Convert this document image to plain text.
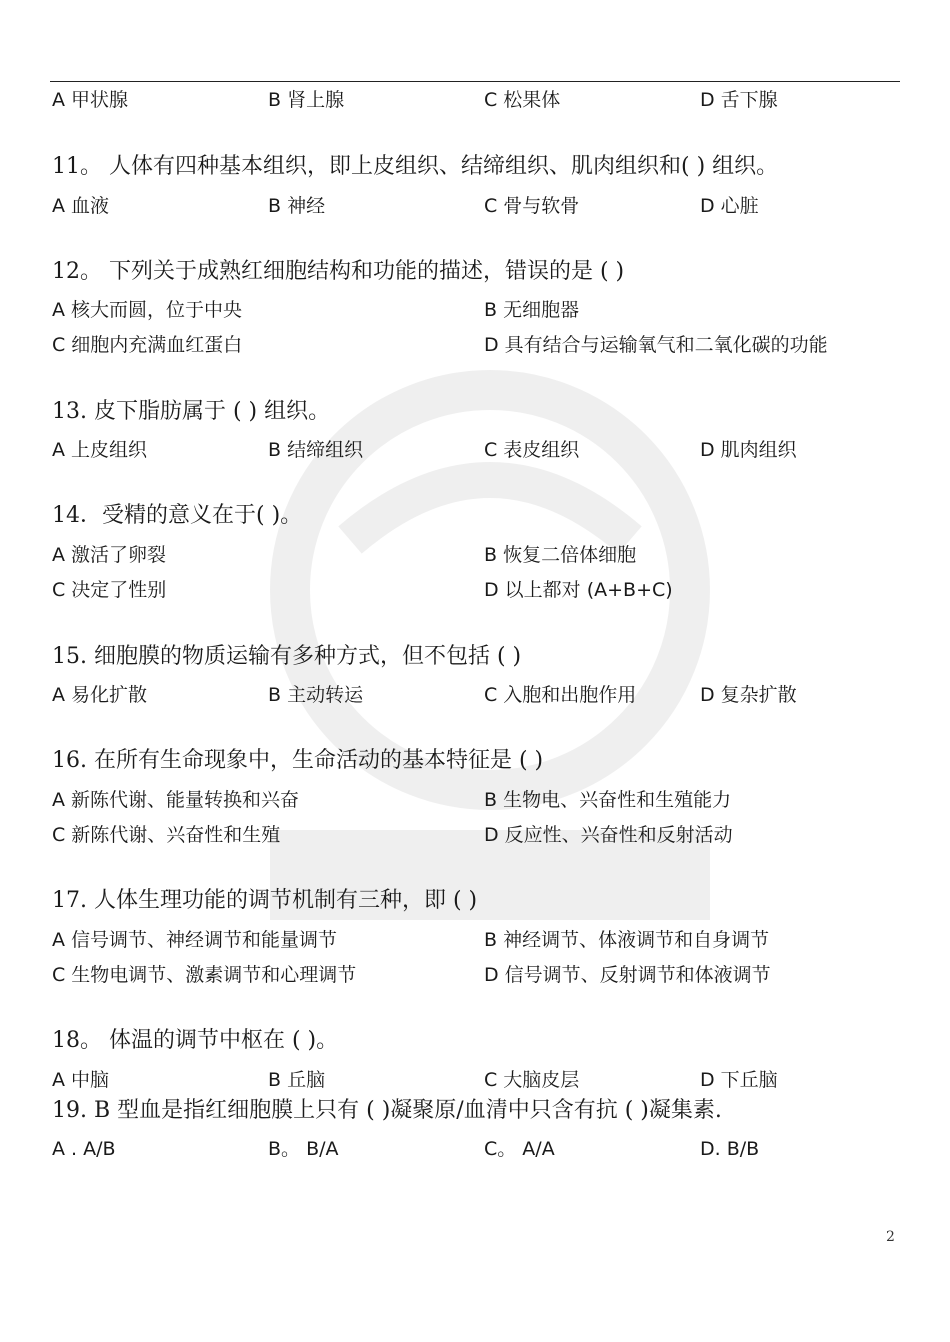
A 甲状腺	B 肾上腺	C 松果体	D 舌下腺
11。 人体有四种基本组织，即上皮组织、结缔组织、肌肉组织和( ) 组织。
A 血液	B 神经	C 骨与软骨	D 心脏
12。 下列关于成熟红细胞结构和功能的描述，错误的是 ( )
A 核大而圆，位于中央	B 无细胞器
C 细胞内充满血红蛋白	D 具有结合与运输氧气和二氧化碳的功能
13. 皮下脂肪属于 ( ) 组织。
A 上皮组织	B 结缔组织	C 表皮组织	D 肌肉组织
14．受精的意义在于( )。
A 激活了卵裂	B 恢复二倍体细胞
C 决定了性别	D 以上都对 (A+B+C)
15. 细胞膜的物质运输有多种方式，但不包括 ( )
A 易化扩散	B 主动转运	C 入胞和出胞作用	D 复杂扩散
16. 在所有生命现象中，生命活动的基本特征是 ( )
A 新陈代谢、能量转换和兴奋	B 生物电、兴奋性和生殖能力
C 新陈代谢、兴奋性和生殖	D 反应性、兴奋性和反射活动
17. 人体生理功能的调节机制有三种，即 ( )
A 信号调节、神经调节和能量调节	B 神经调节、体液调节和自身调节
C 生物电调节、激素调节和心理调节	D 信号调节、反射调节和体液调节
18。 体温的调节中枢在 ( )。
A 中脑	B 丘脑	C 大脑皮层	D 下丘脑
19. B 型血是指红细胞膜上只有 ( )凝聚原/血清中只含有抗 ( )凝集素.
A . A/B	B。 B/A	C。 A/A	D. B/B
2
